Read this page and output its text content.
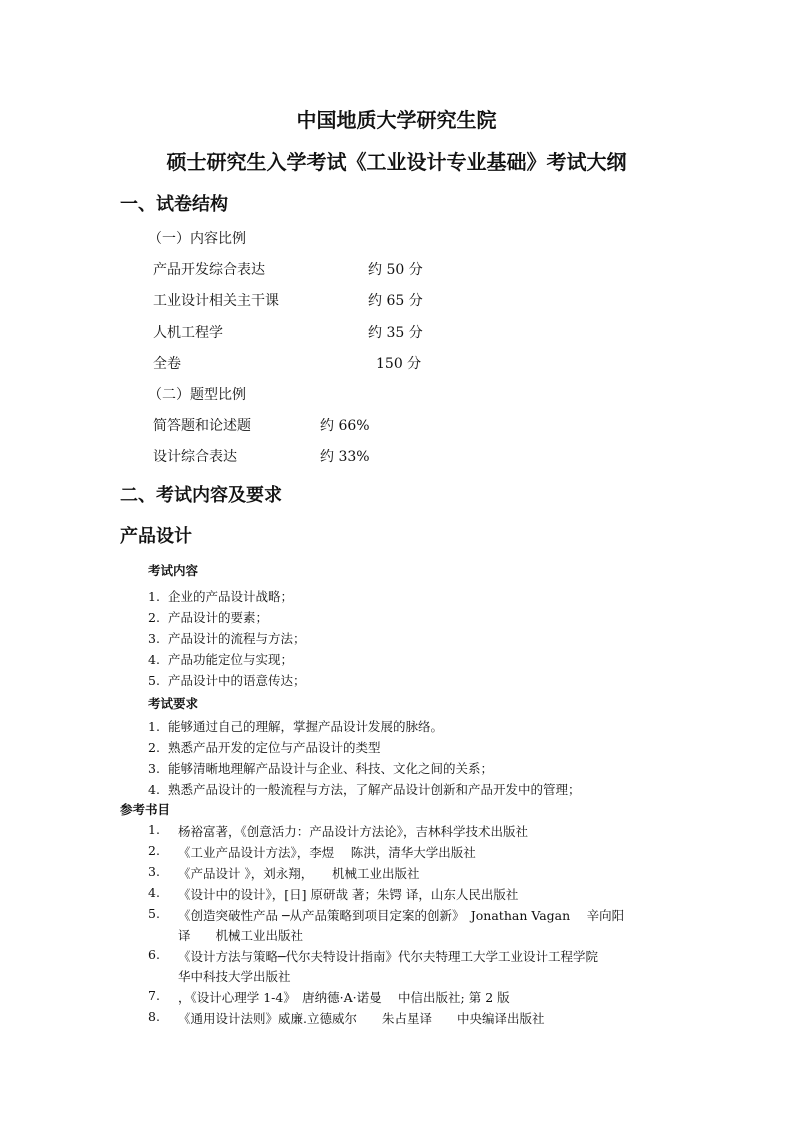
中国地质大学研究生院
硕士研究生入学考试《工业设计专业基础》考试大纲
一、试卷结构
（一）内容比例
产品开发综合表达	约 50 分
工业设计相关主干课	约 65 分
人机工程学	约 35 分
全卷	150 分
（二）题型比例
简答题和论述题	约 66%
设计综合表达	约 33%
二、考试内容及要求
产品设计
考试内容
1. 企业的产品设计战略；
2. 产品设计的要素；
3. 产品设计的流程与方法；
4. 产品功能定位与实现；
5. 产品设计中的语意传达；
考试要求
1. 能够通过自己的理解，掌握产品设计发展的脉络。
2. 熟悉产品开发的定位与产品设计的类型
3. 能够清晰地理解产品设计与企业、科技、文化之间的关系；
4. 熟悉产品设计的一般流程与方法，了解产品设计创新和产品开发中的管理；
参考书目
1. 杨裕富著，《创意活力：产品设计方法论》，吉林科学技术出版社
2. 《工业产品设计方法》，李煜　 陈洪，清华大学出版社
3. 《产品设计 》，刘永翔，　　机械工业出版社
4. 《设计中的设计》，[日] 原研哉 著；朱锷 译，山东人民出版社
5. 《创造突破性产品 ─从产品策略到项目定案的创新》　Jonathan Vagan　 辛向阳
译　　机械工业出版社
6. 《设计方法与策略─代尔夫特设计指南》代尔夫特理工大学工业设计工程学院
华中科技大学出版社
7. ，《设计心理学 1-4》　唐纳德·A·诺曼　 中信出版社; 第 2 版
8. 《通用设计法则》威廉.立德威尔　　朱占星译　　中央编译出版社
